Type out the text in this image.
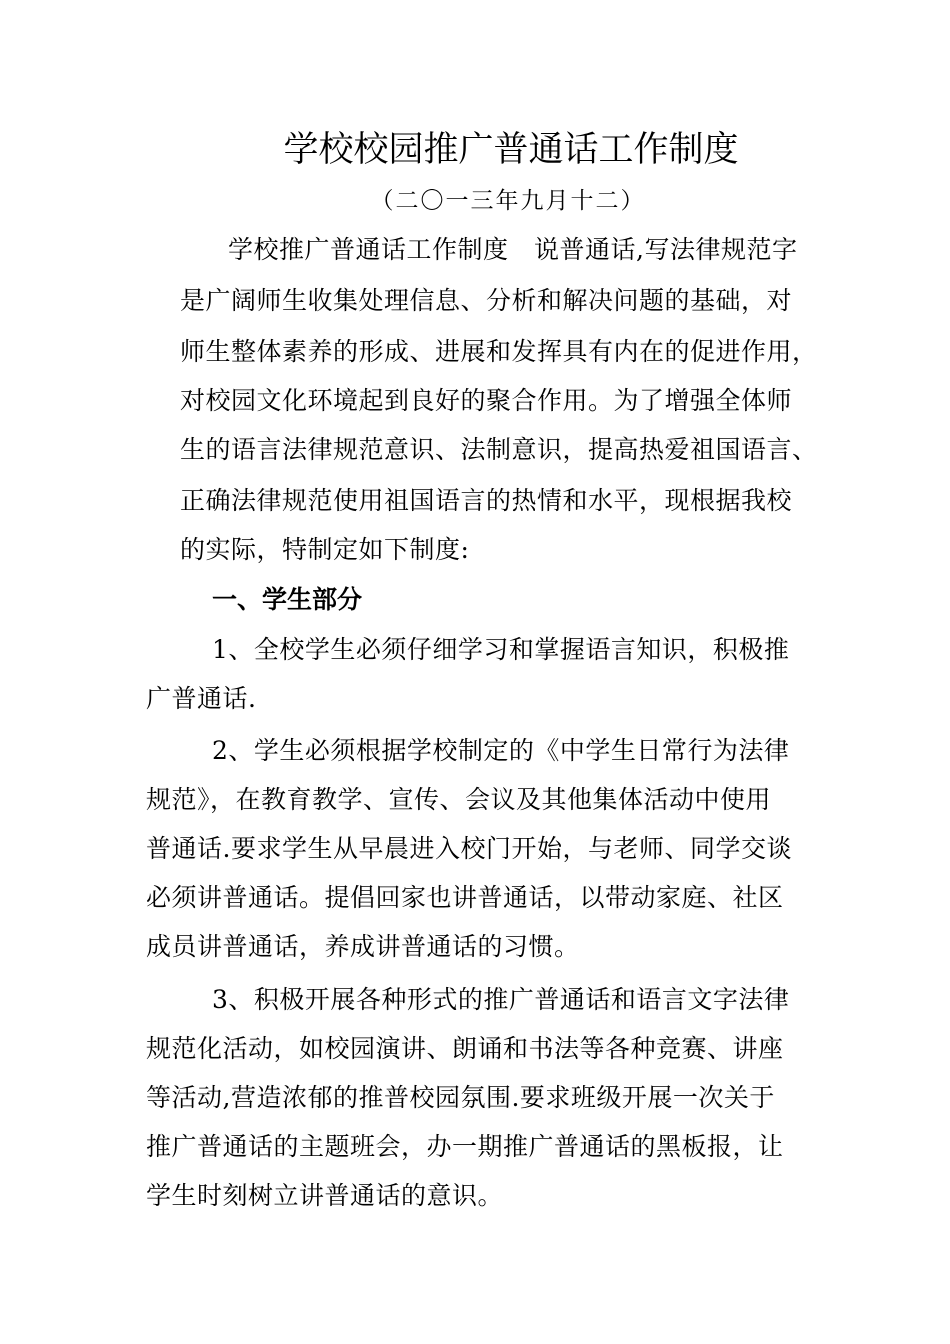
学校校园推广普通话工作制度
（二〇一三年九月十二）
学校推广普通话工作制度　说普通话,写法律规范字
是广阔师生收集处理信息、分析和解决问题的基础，对
师生整体素养的形成、进展和发挥具有内在的促进作用，
对校园文化环境起到良好的聚合作用。为了增强全体师
生的语言法律规范意识、法制意识，提高热爱祖国语言、
正确法律规范使用祖国语言的热情和水平，现根据我校
的实际，特制定如下制度:
一、学生部分
1、全校学生必须仔细学习和掌握语言知识，积极推
广普通话.
2、学生必须根据学校制定的《中学生日常行为法律
规范》，在教育教学、宣传、会议及其他集体活动中使用
普通话.要求学生从早晨进入校门开始，与老师、同学交谈
必须讲普通话。提倡回家也讲普通话，以带动家庭、社区
成员讲普通话，养成讲普通话的习惯。
3、积极开展各种形式的推广普通话和语言文字法律
规范化活动，如校园演讲、朗诵和书法等各种竞赛、讲座
等活动,营造浓郁的推普校园氛围.要求班级开展一次关于
推广普通话的主题班会，办一期推广普通话的黑板报，让
学生时刻树立讲普通话的意识。
